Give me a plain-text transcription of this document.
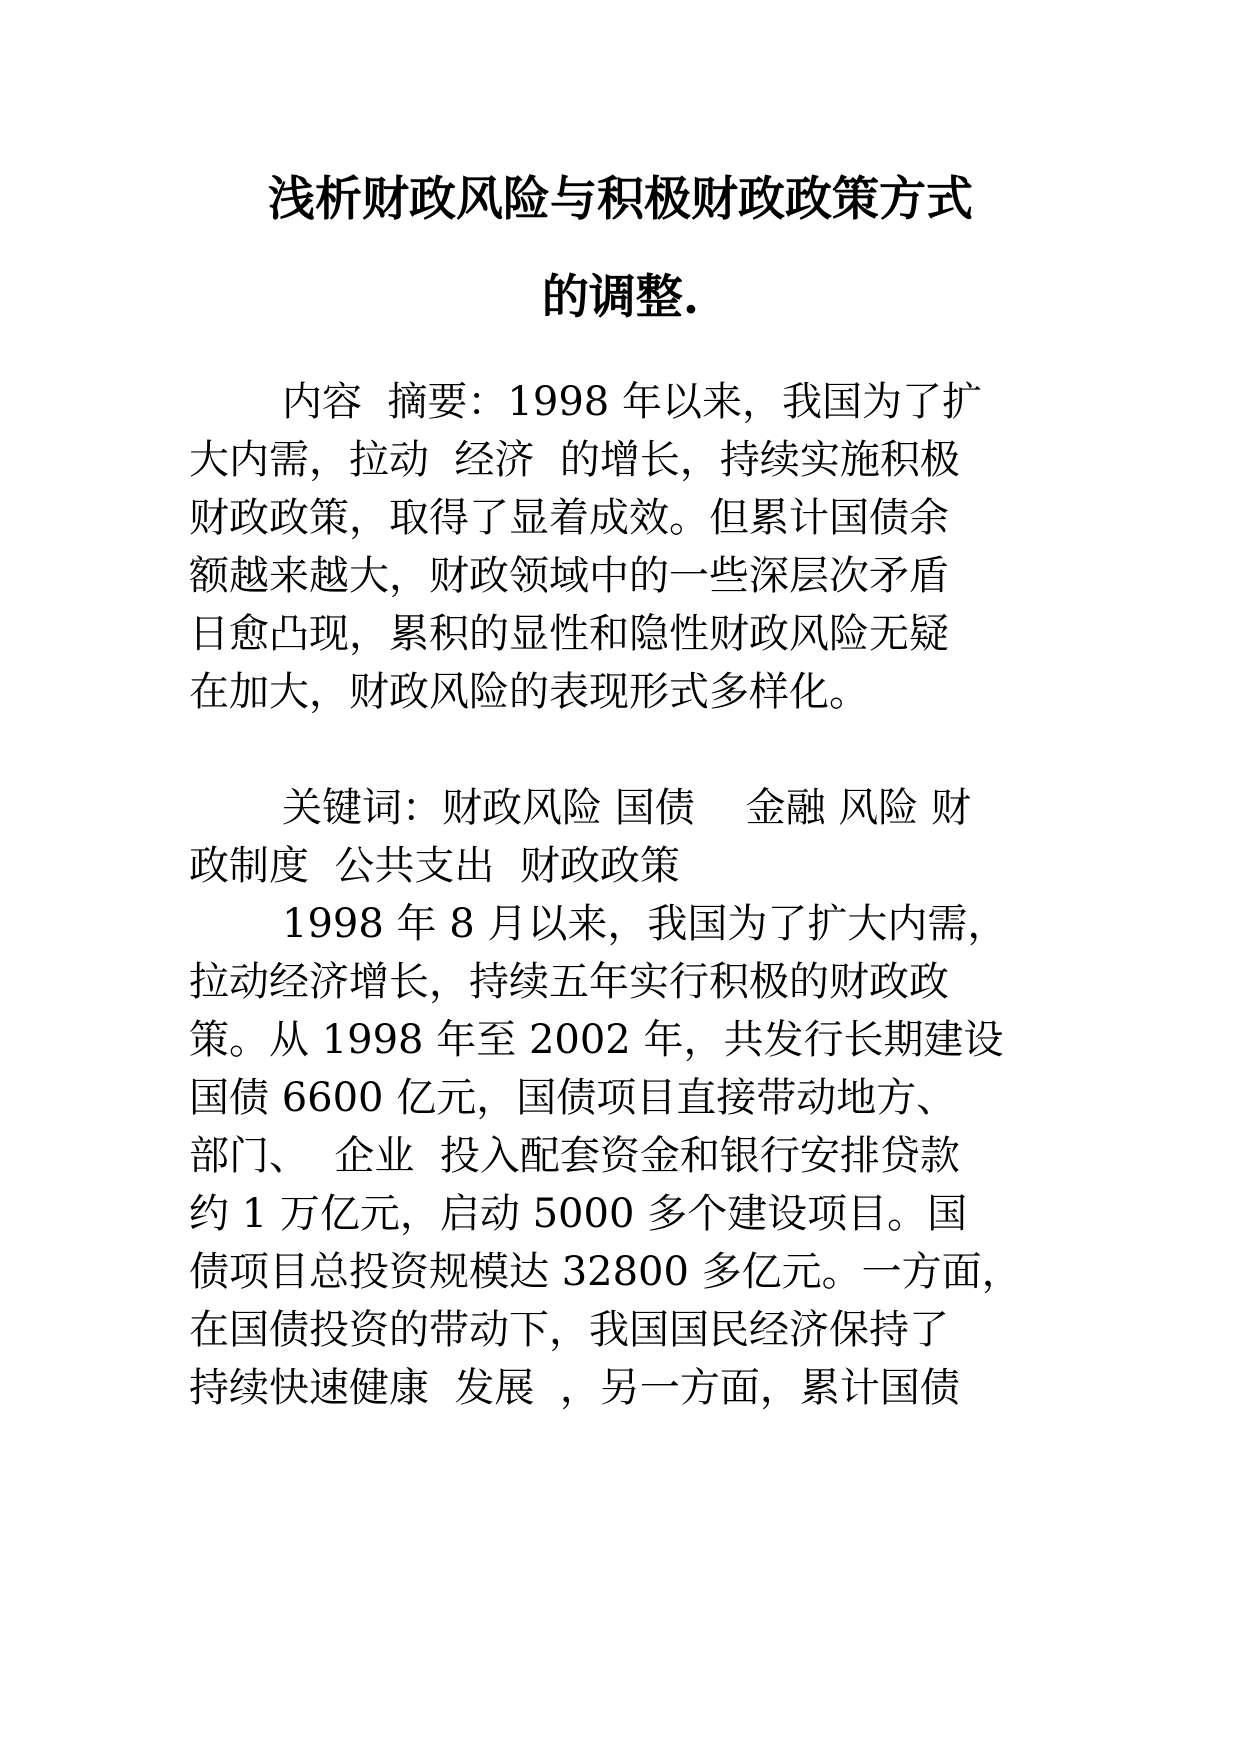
浅析财政风险与积极财政政策方式
的调整.
内容  摘要：1998 年以来，我国为了扩
大内需，拉动  经济  的增长，持续实施积极
财政政策，取得了显着成效。但累计国债余
额越来越大，财政领域中的一些深层次矛盾
日愈凸现，累积的显性和隐性财政风险无疑
在加大，财政风险的表现形式多样化。
关键词：财政风险 国债    金融 风险 财
政制度  公共支出  财政政策
1998 年 8 月以来，我国为了扩大内需，
拉动经济增长，持续五年实行积极的财政政
策。从 1998 年至 2002 年，共发行长期建设
国债 6600 亿元，国债项目直接带动地方、
部门、  企业  投入配套资金和银行安排贷款
约 1 万亿元，启动 5000 多个建设项目。国
债项目总投资规模达 32800 多亿元。一方面，
在国债投资的带动下，我国国民经济保持了
持续快速健康  发展  ，另一方面，累计国债
